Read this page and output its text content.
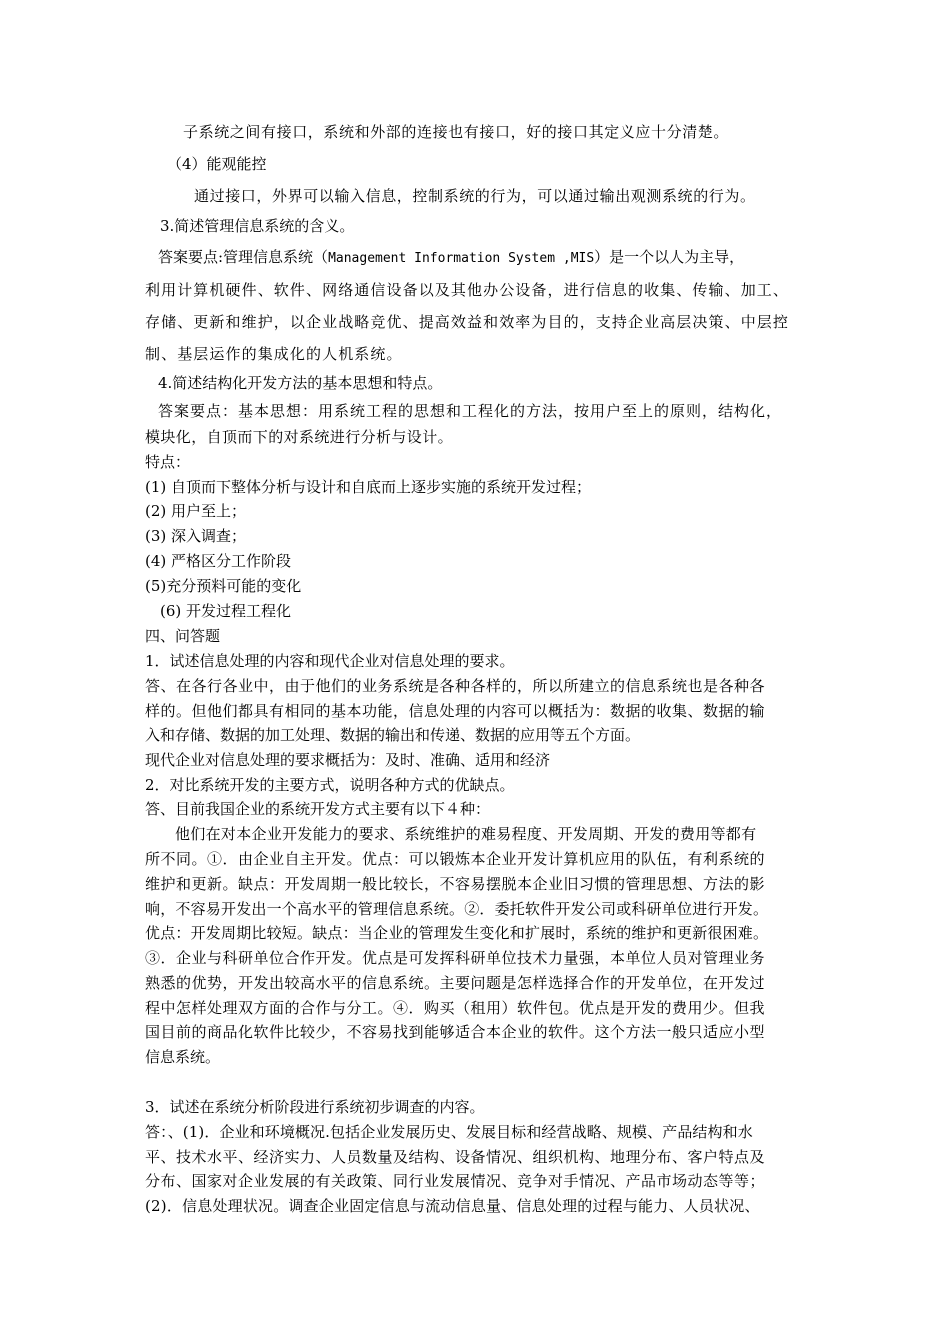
子系统之间有接口，系统和外部的连接也有接口，好的接口其定义应十分清楚。
（4）能观能控
通过接口，外界可以输入信息，控制系统的行为，可以通过输出观测系统的行为。
3.简述管理信息系统的含义。
答案要点:管理信息系统（Management Information System ,MIS）是一个以人为主导，
利用计算机硬件、软件、网络通信设备以及其他办公设备，进行信息的收集、传输、加工、
存储、更新和维护，以企业战略竞优、提高效益和效率为目的，支持企业高层决策、中层控
制、基层运作的集成化的人机系统。
4.简述结构化开发方法的基本思想和特点。
答案要点：基本思想：用系统工程的思想和工程化的方法，按用户至上的原则，结构化，
模块化，自顶而下的对系统进行分析与设计。
特点：
(1) 自顶而下整体分析与设计和自底而上逐步实施的系统开发过程；
(2) 用户至上；
(3) 深入调查；
(4) 严格区分工作阶段
(5)充分预料可能的变化
(6) 开发过程工程化
四、问答题
1．试述信息处理的内容和现代企业对信息处理的要求。
答、在各行各业中，由于他们的业务系统是各种各样的，所以所建立的信息系统也是各种各
样的。但他们都具有相同的基本功能，信息处理的内容可以概括为：数据的收集、数据的输
入和存储、数据的加工处理、数据的输出和传递、数据的应用等五个方面。
现代企业对信息处理的要求概括为：及时、准确、适用和经济
2．对比系统开发的主要方式，说明各种方式的优缺点。
答、目前我国企业的系统开发方式主要有以下４种：
他们在对本企业开发能力的要求、系统维护的难易程度、开发周期、开发的费用等都有
所不同。①．由企业自主开发。优点：可以锻炼本企业开发计算机应用的队伍，有利系统的
维护和更新。缺点：开发周期一般比较长，不容易摆脱本企业旧习惯的管理思想、方法的影
响，不容易开发出一个高水平的管理信息系统。②．委托软件开发公司或科研单位进行开发。
优点：开发周期比较短。缺点：当企业的管理发生变化和扩展时，系统的维护和更新很困难。
③．企业与科研单位合作开发。优点是可发挥科研单位技术力量强，本单位人员对管理业务
熟悉的优势，开发出较高水平的信息系统。主要问题是怎样选择合作的开发单位，在开发过
程中怎样处理双方面的合作与分工。④．购买（租用）软件包。优点是开发的费用少。但我
国目前的商品化软件比较少，不容易找到能够适合本企业的软件。这个方法一般只适应小型
信息系统。
3．试述在系统分析阶段进行系统初步调查的内容。
答：、(1)．企业和环境概况.包括企业发展历史、发展目标和经营战略、规模、产品结构和水
平、技术水平、经济实力、人员数量及结构、设备情况、组织机构、地理分布、客户特点及
分布、国家对企业发展的有关政策、同行业发展情况、竞争对手情况、产品市场动态等等；
(2)．信息处理状况。调查企业固定信息与流动信息量、信息处理的过程与能力、人员状况、
